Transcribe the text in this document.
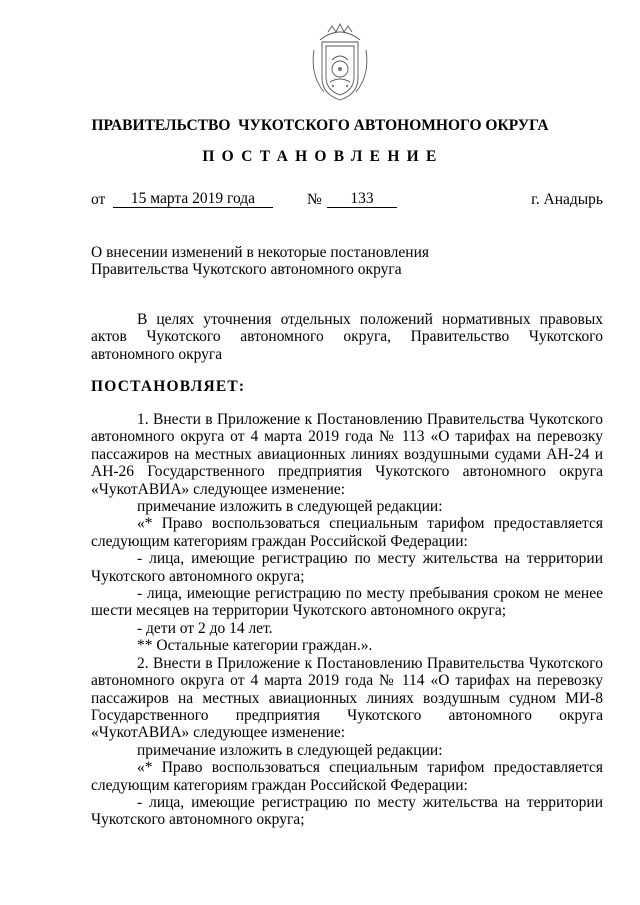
ПРАВИТЕЛЬСТВО  ЧУКОТСКОГО АВТОНОМНОГО ОКРУГА
ПОСТАНОВЛЕНИЕ
от	15 марта 2019 года	№	133	г. Анадырь
О внесении изменений в некоторые постановления
Правительства Чукотского автономного округа
В целях уточнения отдельных положений нормативных правовых актов Чукотского автономного округа, Правительство Чукотского автономного округа
ПОСТАНОВЛЯЕТ:

1. Внести в Приложение к Постановлению Правительства Чукотского автономного округа от 4 марта 2019 года № 113 «О тарифах на перевозку пассажиров на местных авиационных линиях воздушными судами АН-24 и АН-26 Государственного предприятия Чукотского автономного округа «ЧукотАВИА» следующее изменение:

примечание изложить в следующей редакции:

«* Право воспользоваться специальным тарифом предоставляется следующим категориям граждан Российской Федерации:

- лица, имеющие регистрацию по месту жительства на территории Чукотского автономного округа;

- лица, имеющие регистрацию по месту пребывания сроком не менее шести месяцев на территории Чукотского автономного округа;

- дети от 2 до 14 лет.

** Остальные категории граждан.».

2. Внести в Приложение к Постановлению Правительства Чукотского автономного округа от 4 марта 2019 года № 114 «О тарифах на перевозку пассажиров на местных авиационных линиях воздушным судном МИ-8 Государственного предприятия Чукотского автономного округа «ЧукотАВИА» следующее изменение:

примечание изложить в следующей редакции:

«* Право воспользоваться специальным тарифом предоставляется следующим категориям граждан Российской Федерации:

- лица, имеющие регистрацию по месту жительства на территории Чукотского автономного округа;
